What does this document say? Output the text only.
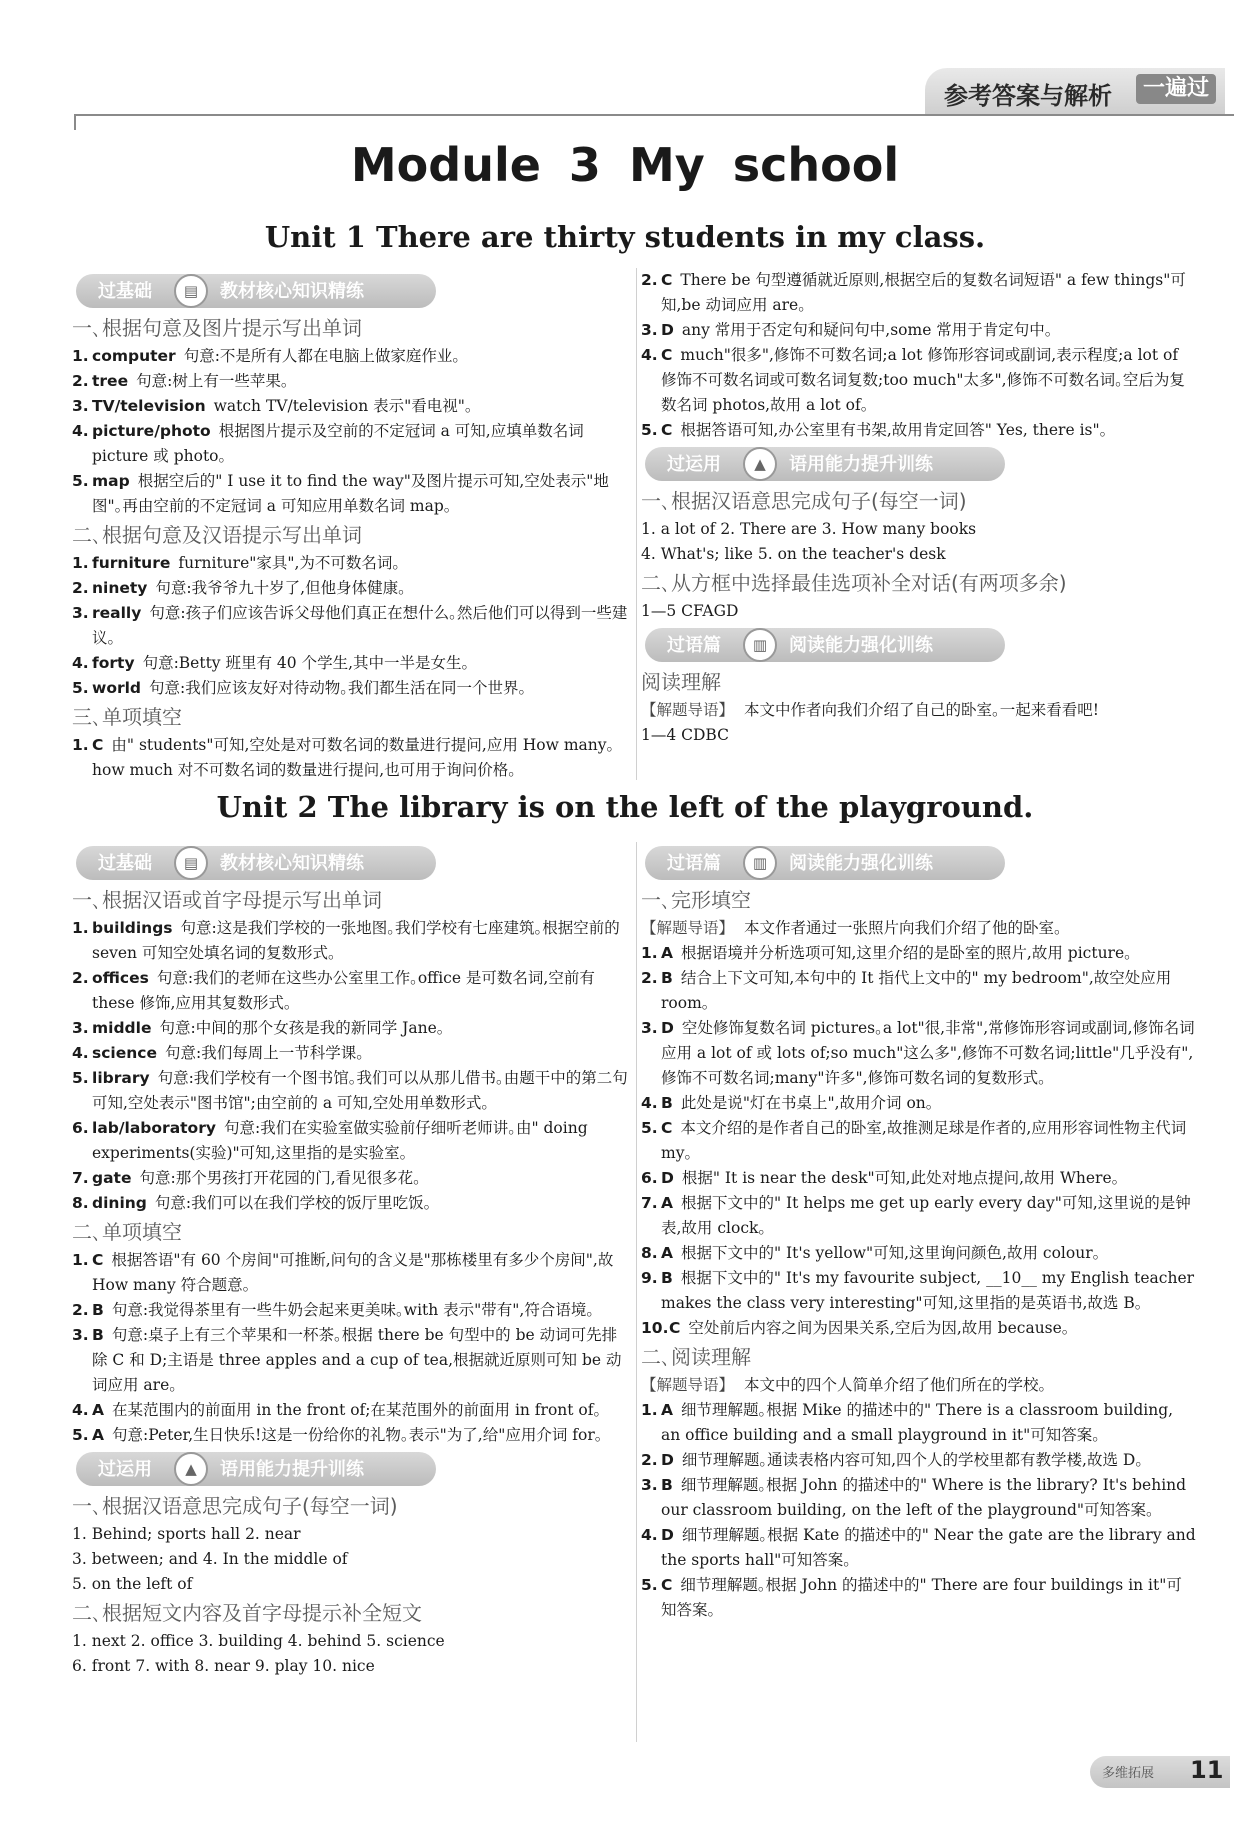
参考答案与解析	一遍过
Module 3 My school
Unit 1 There are thirty students in my class.
过基础	▤	教材核心知识精练
一､根据句意及图片提示写出单词
1. computer 句意:不是所有人都在电脑上做家庭作业｡
2. tree 句意:树上有一些苹果｡
3. TV/television watch TV/television 表示"看电视"｡
4. picture/photo 根据图片提示及空前的不定冠词 a 可知,应填单数名词 picture 或 photo｡
5. map 根据空后的" I use it to find the way"及图片提示可知,空处表示"地图"｡再由空前的不定冠词 a 可知应用单数名词 map｡
二､根据句意及汉语提示写出单词
1. furniture furniture"家具",为不可数名词｡
2. ninety 句意:我爷爷九十岁了,但他身体健康｡
3. really 句意:孩子们应该告诉父母他们真正在想什么｡然后他们可以得到一些建议｡
4. forty 句意:Betty 班里有 40 个学生,其中一半是女生｡
5. world 句意:我们应该友好对待动物｡我们都生活在同一个世界｡
三､单项填空
1. C 由" students"可知,空处是对可数名词的数量进行提问,应用 How many｡how much 对不可数名词的数量进行提问,也可用于询问价格｡
2. C There be 句型遵循就近原则,根据空后的复数名词短语" a few things"可知,be 动词应用 are｡
3. D any 常用于否定句和疑问句中,some 常用于肯定句中｡
4. C much"很多",修饰不可数名词;a lot 修饰形容词或副词,表示程度;a lot of 修饰不可数名词或可数名词复数;too much"太多",修饰不可数名词｡空后为复数名词 photos,故用 a lot of｡
5. C 根据答语可知,办公室里有书架,故用肯定回答" Yes, there is"｡
过运用	▲	语用能力提升训练
一､根据汉语意思完成句子(每空一词)
1. a lot of 2. There are 3. How many books
4. What's; like 5. on the teacher's desk
二､从方框中选择最佳选项补全对话(有两项多余)
1—5 CFAGD
过语篇	▥	阅读能力强化训练
阅读理解
【解题导语】 本文中作者向我们介绍了自己的卧室｡一起来看看吧!
1—4 CDBC
Unit 2 The library is on the left of the playground.
过基础	▤	教材核心知识精练
一､根据汉语或首字母提示写出单词
1. buildings 句意:这是我们学校的一张地图｡我们学校有七座建筑｡根据空前的 seven 可知空处填名词的复数形式｡
2. offices 句意:我们的老师在这些办公室里工作｡office 是可数名词,空前有 these 修饰,应用其复数形式｡
3. middle 句意:中间的那个女孩是我的新同学 Jane｡
4. science 句意:我们每周上一节科学课｡
5. library 句意:我们学校有一个图书馆｡我们可以从那儿借书｡由题干中的第二句可知,空处表示"图书馆";由空前的 a 可知,空处用单数形式｡
6. lab/laboratory 句意:我们在实验室做实验前仔细听老师讲｡由" doing experiments(实验)"可知,这里指的是实验室｡
7. gate 句意:那个男孩打开花园的门,看见很多花｡
8. dining 句意:我们可以在我们学校的饭厅里吃饭｡
二､单项填空
1. C 根据答语"有 60 个房间"可推断,问句的含义是"那栋楼里有多少个房间",故 How many 符合题意｡
2. B 句意:我觉得茶里有一些牛奶会起来更美味｡with 表示"带有",符合语境｡
3. B 句意:桌子上有三个苹果和一杯茶｡根据 there be 句型中的 be 动词可先排除 C 和 D;主语是 three apples and a cup of tea,根据就近原则可知 be 动词应用 are｡
4. A 在某范围内的前面用 in the front of;在某范围外的前面用 in front of｡
5. A 句意:Peter,生日快乐!这是一份给你的礼物｡表示"为了,给"应用介词 for｡
过运用	▲	语用能力提升训练
一､根据汉语意思完成句子(每空一词)
1. Behind; sports hall 2. near
3. between; and 4. In the middle of
5. on the left of
二､根据短文内容及首字母提示补全短文
1. next 2. office 3. building 4. behind 5. science
6. front 7. with 8. near 9. play 10. nice
过语篇	▥	阅读能力强化训练
一､完形填空
【解题导语】 本文作者通过一张照片向我们介绍了他的卧室｡
1. A 根据语境并分析选项可知,这里介绍的是卧室的照片,故用 picture｡
2. B 结合上下文可知,本句中的 It 指代上文中的" my bedroom",故空处应用 room｡
3. D 空处修饰复数名词 pictures｡a lot"很,非常",常修饰形容词或副词,修饰名词应用 a lot of 或 lots of;so much"这么多",修饰不可数名词;little"几乎没有",修饰不可数名词;many"许多",修饰可数名词的复数形式｡
4. B 此处是说"灯在书桌上",故用介词 on｡
5. C 本文介绍的是作者自己的卧室,故推测足球是作者的,应用形容词性物主代词 my｡
6. D 根据" It is near the desk"可知,此处对地点提问,故用 Where｡
7. A 根据下文中的" It helps me get up early every day"可知,这里说的是钟表,故用 clock｡
8. A 根据下文中的" It's yellow"可知,这里询问颜色,故用 colour｡
9. B 根据下文中的" It's my favourite subject, __10__ my English teacher makes the class very interesting"可知,这里指的是英语书,故选 B｡
10. C 空处前后内容之间为因果关系,空后为因,故用 because｡
二､阅读理解
【解题导语】 本文中的四个人简单介绍了他们所在的学校｡
1. A 细节理解题｡根据 Mike 的描述中的" There is a classroom building, an office building and a small playground in it"可知答案｡
2. D 细节理解题｡通读表格内容可知,四个人的学校里都有教学楼,故选 D｡
3. B 细节理解题｡根据 John 的描述中的" Where is the library? It's behind our classroom building, on the left of the playground"可知答案｡
4. D 细节理解题｡根据 Kate 的描述中的" Near the gate are the library and the sports hall"可知答案｡
5. C 细节理解题｡根据 John 的描述中的" There are four buildings in it"可知答案｡
多维拓展 11
